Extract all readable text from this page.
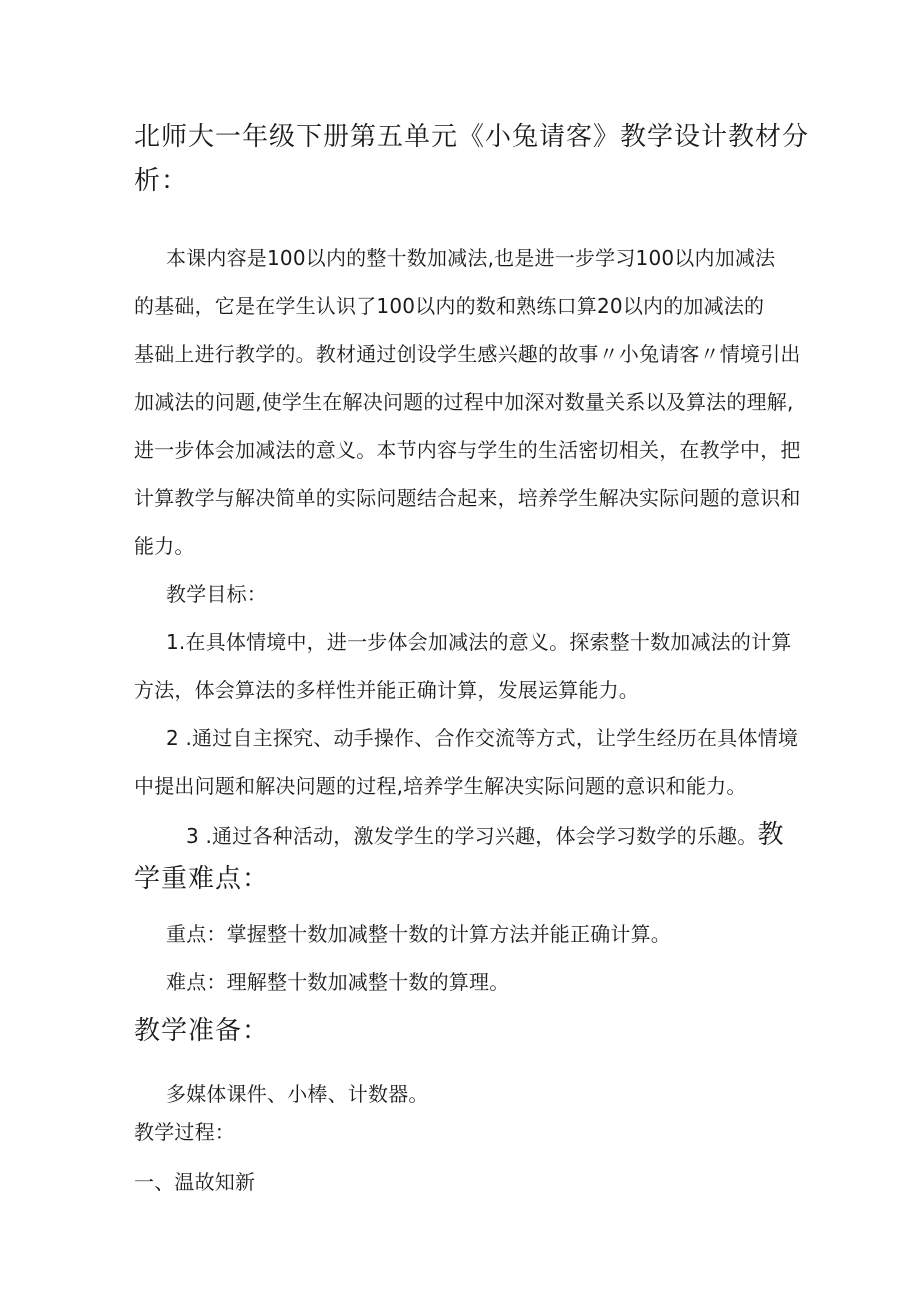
北师大一年级下册第五单元《小兔请客》教学设计教材分
析：

本课内容是100以内的整十数加减法,也是进一步学习100以内加减法

的基础，它是在学生认识了100以内的数和熟练口算20以内的加减法的

基础上进行教学的。教材通过创设学生感兴趣的故事〃小兔请客〃情境引出

加减法的问题,使学生在解决问题的过程中加深对数量关系以及算法的理解,

进一步体会加减法的意义。本节内容与学生的生活密切相关，在教学中，把

计算教学与解决简单的实际问题结合起来，培养学生解决实际问题的意识和

能力。

教学目标：

1.在具体情境中，进一步体会加减法的意义。探索整十数加减法的计算

方法，体会算法的多样性并能正确计算，发展运算能力。

2 .通过自主探究、动手操作、合作交流等方式，让学生经历在具体情境

中提出问题和解决问题的过程,培养学生解决实际问题的意识和能力。

3 .通过各种活动，激发学生的学习兴趣，体会学习数学的乐趣。教

学重难点：

重点：掌握整十数加减整十数的计算方法并能正确计算。

难点：理解整十数加减整十数的算理。

教学准备：

多媒体课件、小棒、计数器。

教学过程：
一、温故知新
